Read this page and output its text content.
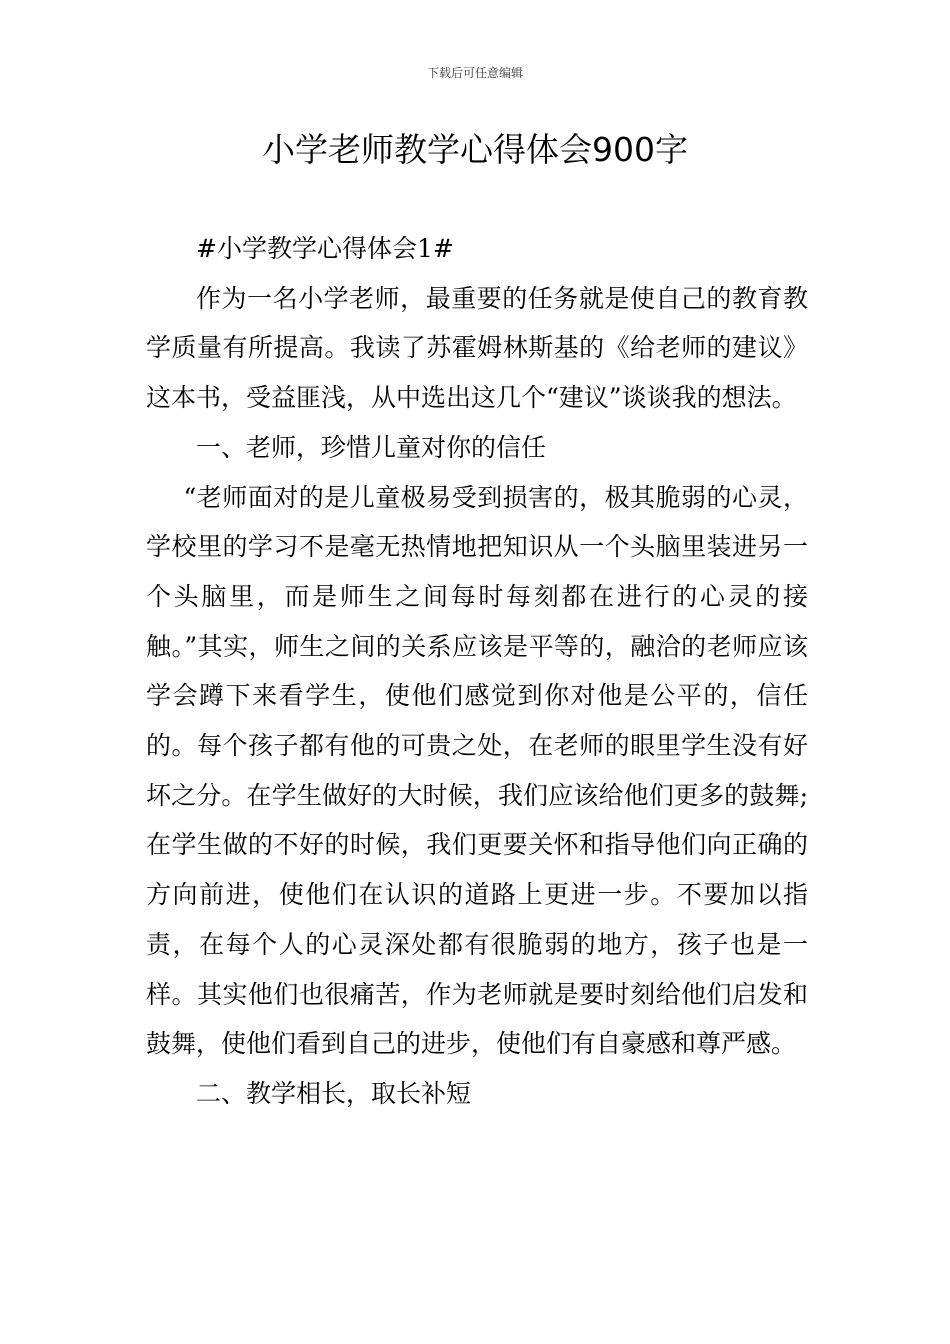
下载后可任意编辑
小学老师教学心得体会900字

#小学教学心得体会1#

作为一名小学老师，最重要的任务就是使自己的教育教学质量有所提高。我读了苏霍姆林斯基的《给老师的建议》这本书，受益匪浅，从中选出这几个“建议”谈谈我的想法。

一、老师，珍惜儿童对你的信任

“老师面对的是儿童极易受到损害的，极其脆弱的心灵，学校里的学习不是毫无热情地把知识从一个头脑里装进另一个头脑里，而是师生之间每时每刻都在进行的心灵的接触。”其实，师生之间的关系应该是平等的，融洽的老师应该学会蹲下来看学生，使他们感觉到你对他是公平的，信任的。每个孩子都有他的可贵之处，在老师的眼里学生没有好坏之分。在学生做好的大时候，我们应该给他们更多的鼓舞;在学生做的不好的时候，我们更要关怀和指导他们向正确的方向前进，使他们在认识的道路上更进一步。不要加以指责，在每个人的心灵深处都有很脆弱的地方，孩子也是一样。其实他们也很痛苦，作为老师就是要时刻给他们启发和鼓舞，使他们看到自己的进步，使他们有自豪感和尊严感。

二、教学相长，取长补短
